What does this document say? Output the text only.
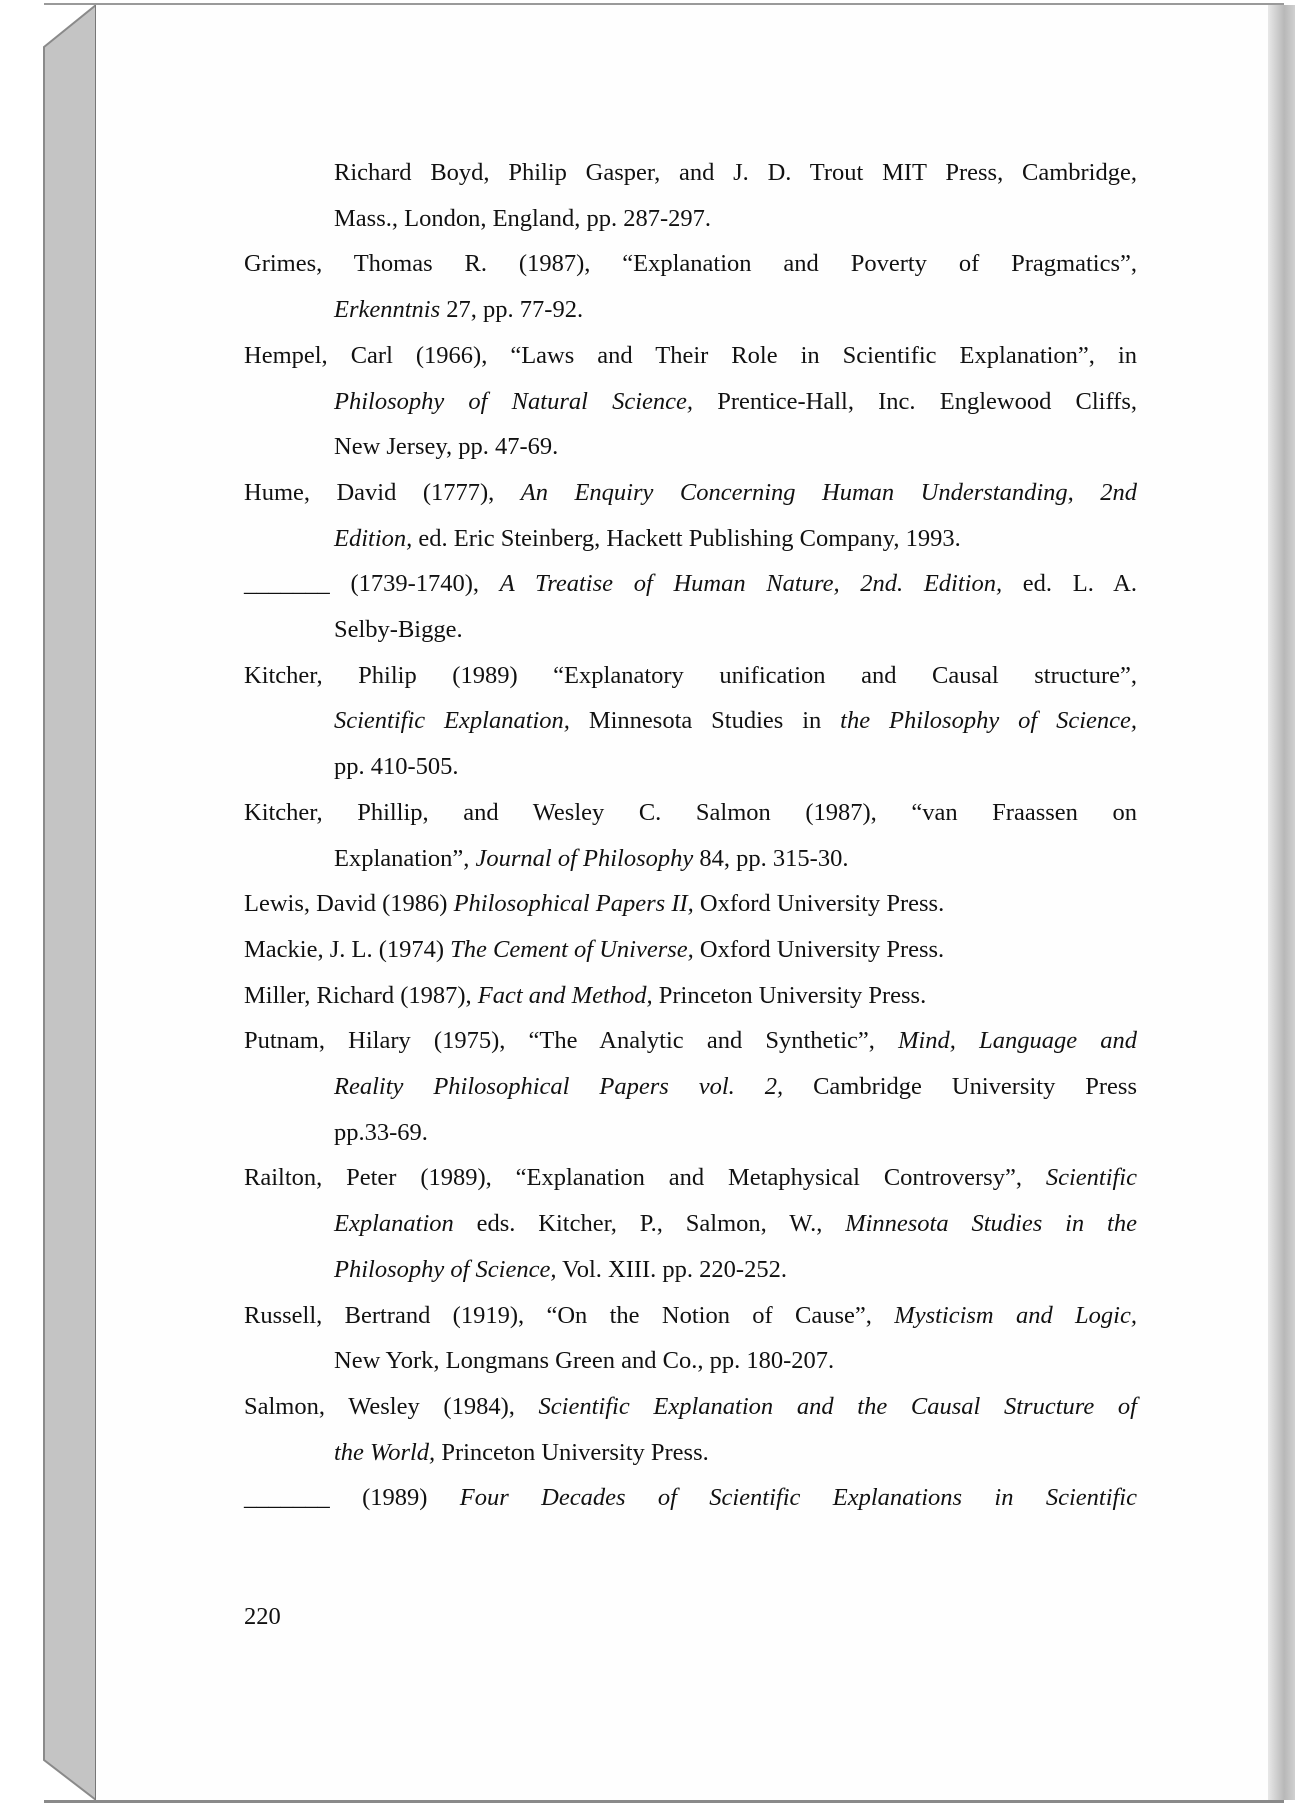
Richard Boyd, Philip Gasper, and J. D. Trout MIT Press, Cambridge,
Mass., London, England, pp. 287-297.
Grimes, Thomas R. (1987), “Explanation and Poverty of Pragmatics”,
Erkenntnis 27, pp. 77-92.
Hempel, Carl (1966), “Laws and Their Role in Scientific Explanation”, in
Philosophy of Natural Science, Prentice-Hall, Inc. Englewood Cliffs,
New Jersey, pp. 47-69.
Hume, David (1777), An Enquiry Concerning Human Understanding, 2nd
Edition, ed. Eric Steinberg, Hackett Publishing Company, 1993.
_______ (1739-1740), A Treatise of Human Nature, 2nd. Edition, ed. L. A.
Selby-Bigge.
Kitcher, Philip (1989) “Explanatory unification and Causal structure”,
Scientific Explanation, Minnesota Studies in the Philosophy of Science,
pp. 410-505.
Kitcher, Phillip, and Wesley C. Salmon (1987), “van Fraassen on
Explanation”, Journal of Philosophy 84, pp. 315-30.
Lewis, David (1986) Philosophical Papers II, Oxford University Press.
Mackie, J. L. (1974) The Cement of Universe, Oxford University Press.
Miller, Richard (1987), Fact and Method, Princeton University Press.
Putnam, Hilary (1975), “The Analytic and Synthetic”, Mind, Language and
Reality Philosophical Papers vol. 2, Cambridge University Press
pp.33-69.
Railton, Peter (1989), “Explanation and Metaphysical Controversy”, Scientific
Explanation eds. Kitcher, P., Salmon, W., Minnesota Studies in the
Philosophy of Science, Vol. XIII. pp. 220-252.
Russell, Bertrand (1919), “On the Notion of Cause”, Mysticism and Logic,
New York, Longmans Green and Co., pp. 180-207.
Salmon, Wesley (1984), Scientific Explanation and the Causal Structure of
the World, Princeton University Press.
_______ (1989) Four Decades of Scientific Explanations in Scientific
220
